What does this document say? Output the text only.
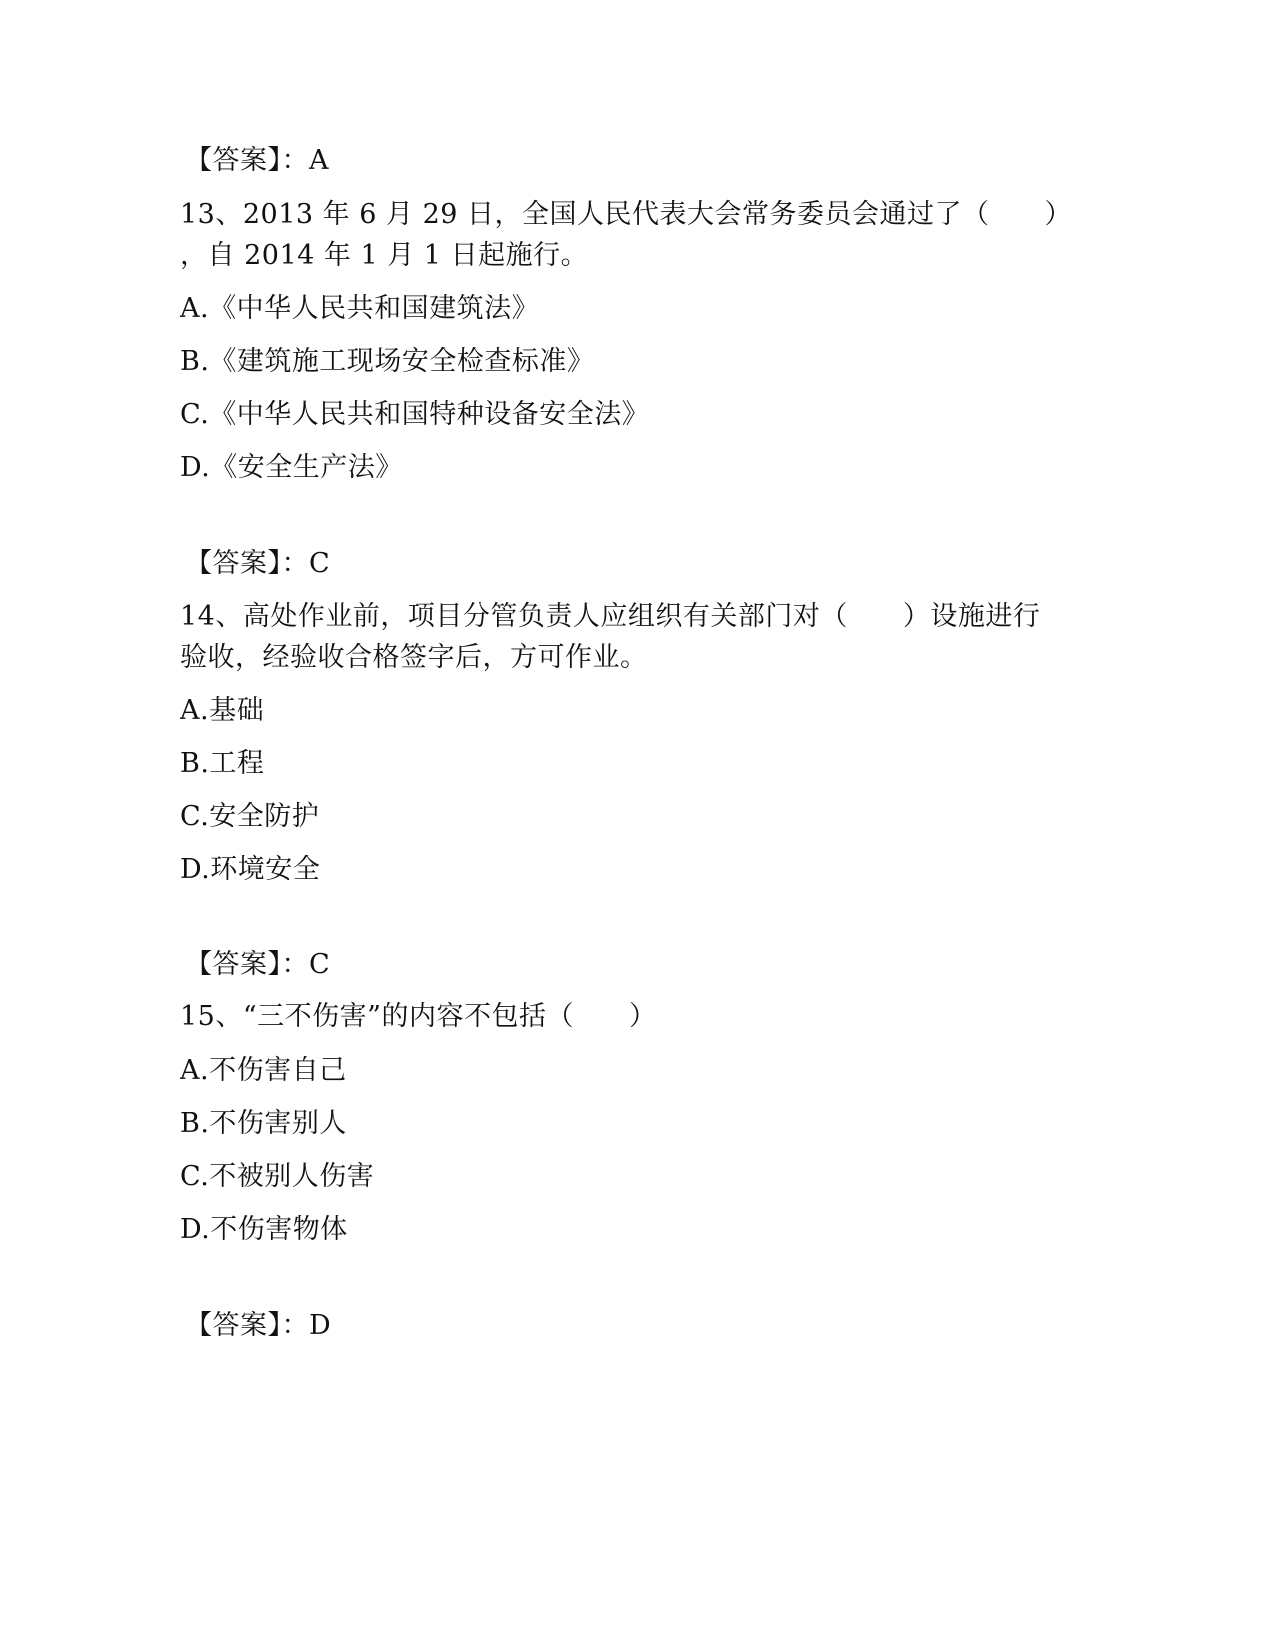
【答案】：A
13、2013 年 6 月 29 日，全国人民代表大会常务委员会通过了（　　）
，自 2014 年 1 月 1 日起施行。
A.《中华人民共和国建筑法》
B.《建筑施工现场安全检查标准》
C.《中华人民共和国特种设备安全法》
D.《安全生产法》
【答案】：C
14、高处作业前，项目分管负责人应组织有关部门对（　　）设施进行
验收，经验收合格签字后，方可作业。
A.基础
B.工程
C.安全防护
D.环境安全
【答案】：C
15、“三不伤害”的内容不包括（　　）
A.不伤害自己
B.不伤害别人
C.不被别人伤害
D.不伤害物体
【答案】：D
